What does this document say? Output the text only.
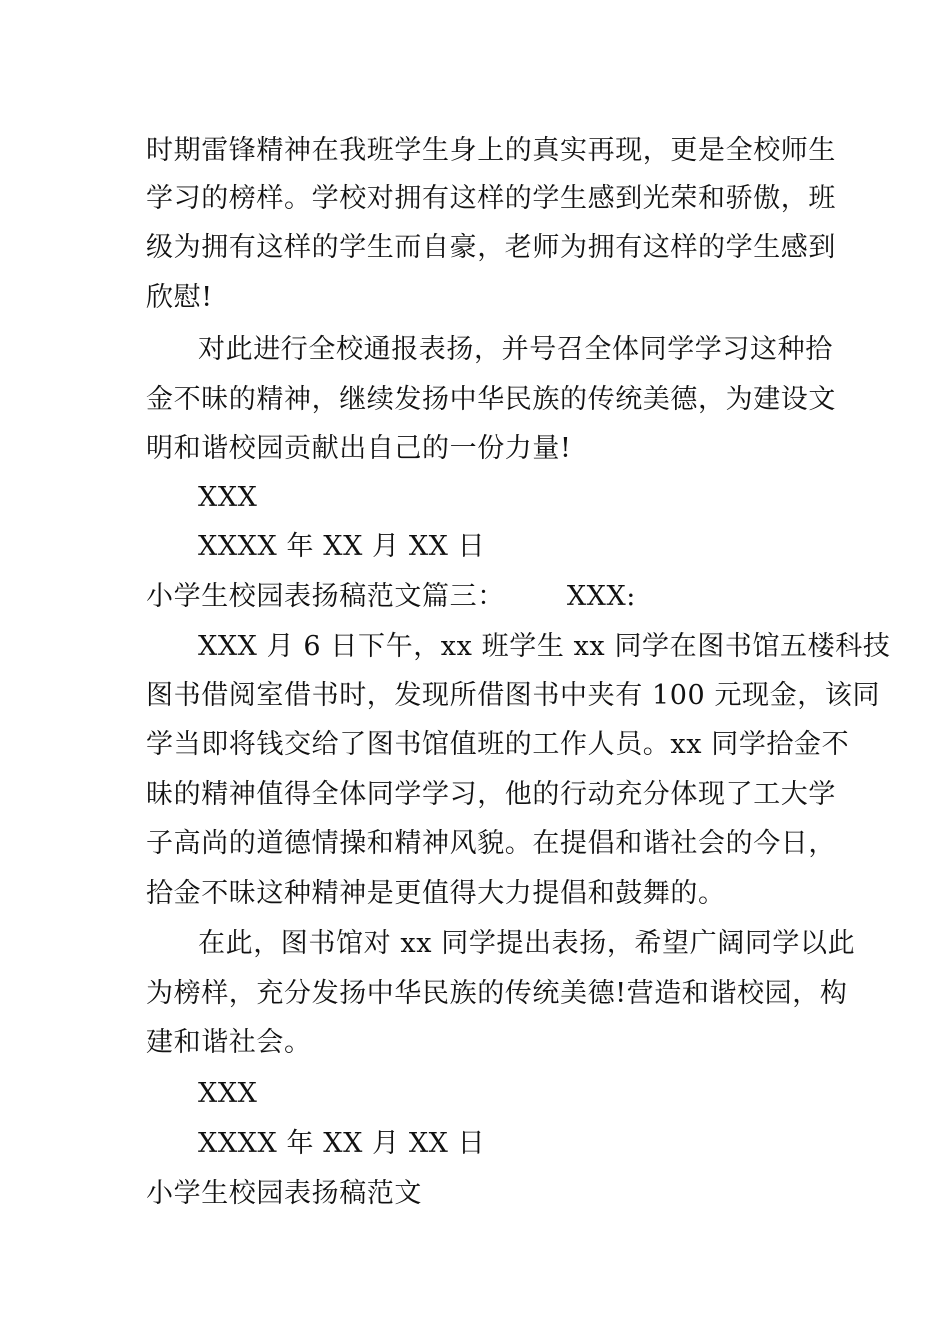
时期雷锋精神在我班学生身上的真实再现，更是全校师生
学习的榜样。学校对拥有这样的学生感到光荣和骄傲，班
级为拥有这样的学生而自豪，老师为拥有这样的学生感到
欣慰!
对此进行全校通报表扬，并号召全体同学学习这种拾
金不昧的精神，继续发扬中华民族的传统美德，为建设文
明和谐校园贡献出自己的一份力量!
XXX
XXXX 年 XX 月 XX 日
小学生校园表扬稿范文篇三： XXX:
XXX 月 6 日下午，xx 班学生 xx 同学在图书馆五楼科技
图书借阅室借书时，发现所借图书中夹有 100 元现金，该同
学当即将钱交给了图书馆值班的工作人员。xx 同学拾金不
昧的精神值得全体同学学习，他的行动充分体现了工大学
子高尚的道德情操和精神风貌。在提倡和谐社会的今日，
拾金不昧这种精神是更值得大力提倡和鼓舞的。
在此，图书馆对 xx 同学提出表扬，希望广阔同学以此
为榜样，充分发扬中华民族的传统美德!营造和谐校园，构
建和谐社会。
XXX
XXXX 年 XX 月 XX 日
小学生校园表扬稿范文
